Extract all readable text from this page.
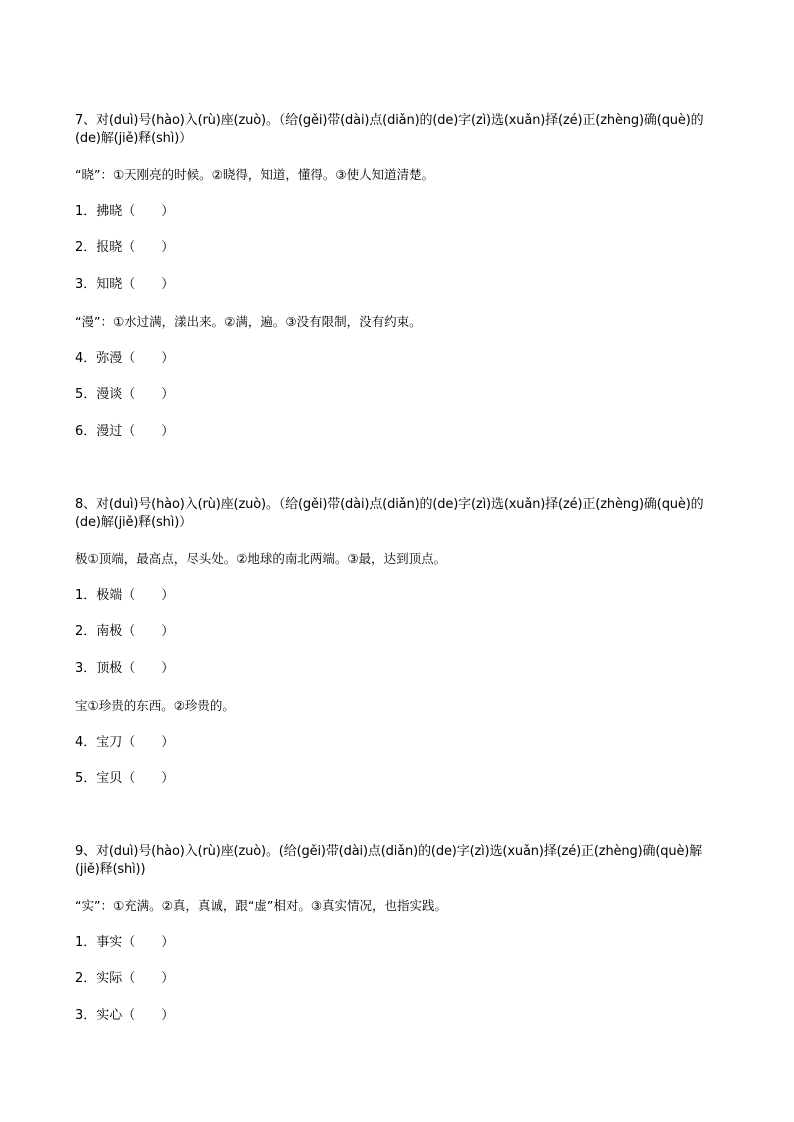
7、对(duì)号(hào)入(rù)座(zuò)。（给(gěi)带(dài)点(diǎn)的(de)字(zì)选(xuǎn)择(zé)正(zhèng)确(què)的(de)解(jiě)释(shì)）

“晓”：①天刚亮的时候。②晓得，知道，懂得。③使人知道清楚。

1．拂晓（　　）

2．报晓（　　）

3．知晓（　　）

“漫”：①水过满，漾出来。②满，遍。③没有限制，没有约束。

4．弥漫（　　）

5．漫谈（　　）

6．漫过（　　）

8、对(duì)号(hào)入(rù)座(zuò)。（给(gěi)带(dài)点(diǎn)的(de)字(zì)选(xuǎn)择(zé)正(zhèng)确(què)的(de)解(jiě)释(shì)）

极①顶端，最高点，尽头处。②地球的南北两端。③最，达到顶点。

1．极端（　　）

2．南极（　　）

3．顶极（　　）

宝①珍贵的东西。②珍贵的。

4．宝刀（　　）

5．宝贝（　　）

9、对(duì)号(hào)入(rù)座(zuò)。(给(gěi)带(dài)点(diǎn)的(de)字(zì)选(xuǎn)择(zé)正(zhèng)确(què)解(jiě)释(shì))

“实”：①充满。②真，真诚，跟“虚”相对。③真实情况，也指实践。

1．事实（　　）

2．实际（　　）

3．实心（　　）
